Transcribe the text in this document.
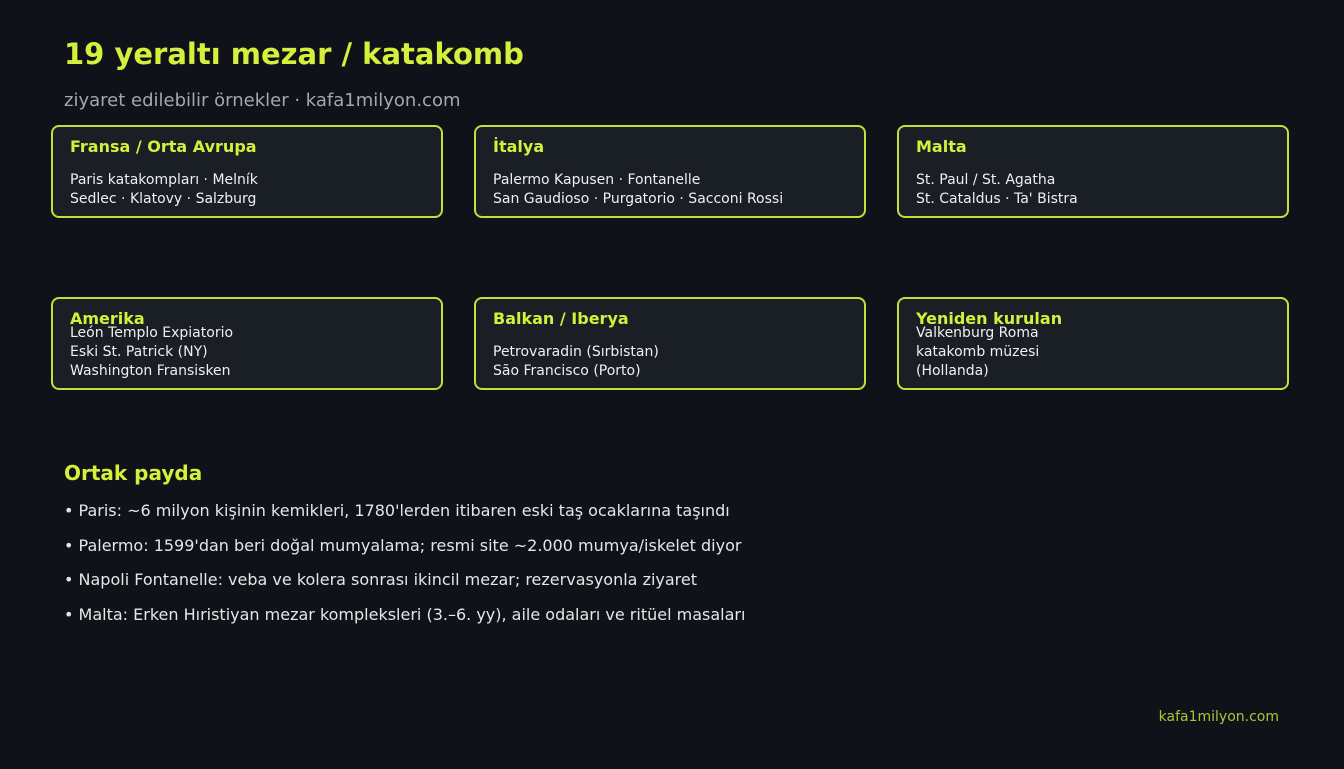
19 yeraltı mezar / katakomb

ziyaret edilebilir örnekler · kafa1milyon.com

Fransa / Orta Avrupa
Paris katakompları · Melník
Sedlec · Klatovy · Salzburg
İtalya
Palermo Kapusen · Fontanelle
San Gaudioso · Purgatorio · Sacconi Rossi
Malta
St. Paul / St. Agatha
St. Cataldus · Ta' Bistra
Amerika
León Templo Expiatorio
Eski St. Patrick (NY)
Washington Fransisken
Balkan / Iberya
Petrovaradin (Sırbistan)
São Francisco (Porto)
Yeniden kurulan
Valkenburg Roma
katakomb müzesi
(Hollanda)
Ortak payda
• Paris: ~6 milyon kişinin kemikleri, 1780'lerden itibaren eski taş ocaklarına taşındı
• Palermo: 1599'dan beri doğal mumyalama; resmi site ~2.000 mumya/iskelet diyor
• Napoli Fontanelle: veba ve kolera sonrası ikincil mezar; rezervasyonla ziyaret
• Malta: Erken Hıristiyan mezar kompleksleri (3.–6. yy), aile odaları ve ritüel masaları
kafa1milyon.com
